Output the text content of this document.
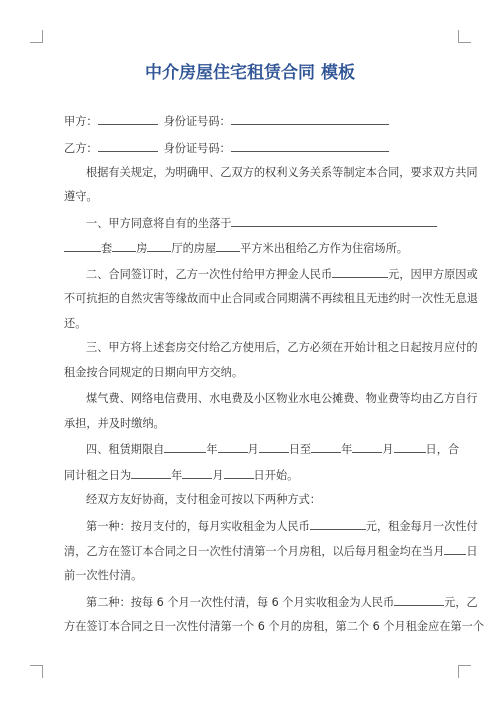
中介房屋住宅租赁合同 模板
甲方：	身份证号码：
乙方：	身份证号码：
根据有关规定，为明确甲、乙双方的权利义务关系等制定本合同，要求双方共同
遵守。
一、甲方同意将自有的坐落于
套 房 厅的房屋 平方米出租给乙方作为住宿场所。
二、合同签订时，乙方一次性付给甲方押金人民币	元，因甲方原因或
不可抗拒的自然灾害等缘故而中止合同或合同期满不再续租且无违约时一次性无息退
还。
三、甲方将上述套房交付给乙方使用后，乙方必须在开始计租之日起按月应付的
租金按合同规定的日期向甲方交纳。
煤气费、网络电信费用、水电费及小区物业水电公摊费、物业费等均由乙方自行
承担，并及时缴纳。
四、租赁期限自	年	月	日至	年	月	日，合
同计租之日为	年	月	日开始。
经双方友好协商，支付租金可按以下两种方式：
第一种：按月支付的，每月实收租金为人民币	元，租金每月一次性付
清，乙方在签订本合同之日一次性付清第一个月房租，以后每月租金均在当月 日
前一次性付清。
第二种：按每 6 个月一次性付清，每 6 个月实收租金为人民币	元，乙
方在签订本合同之日一次性付清第一个 6 个月的房租，第二个 6 个月租金应在第一个
